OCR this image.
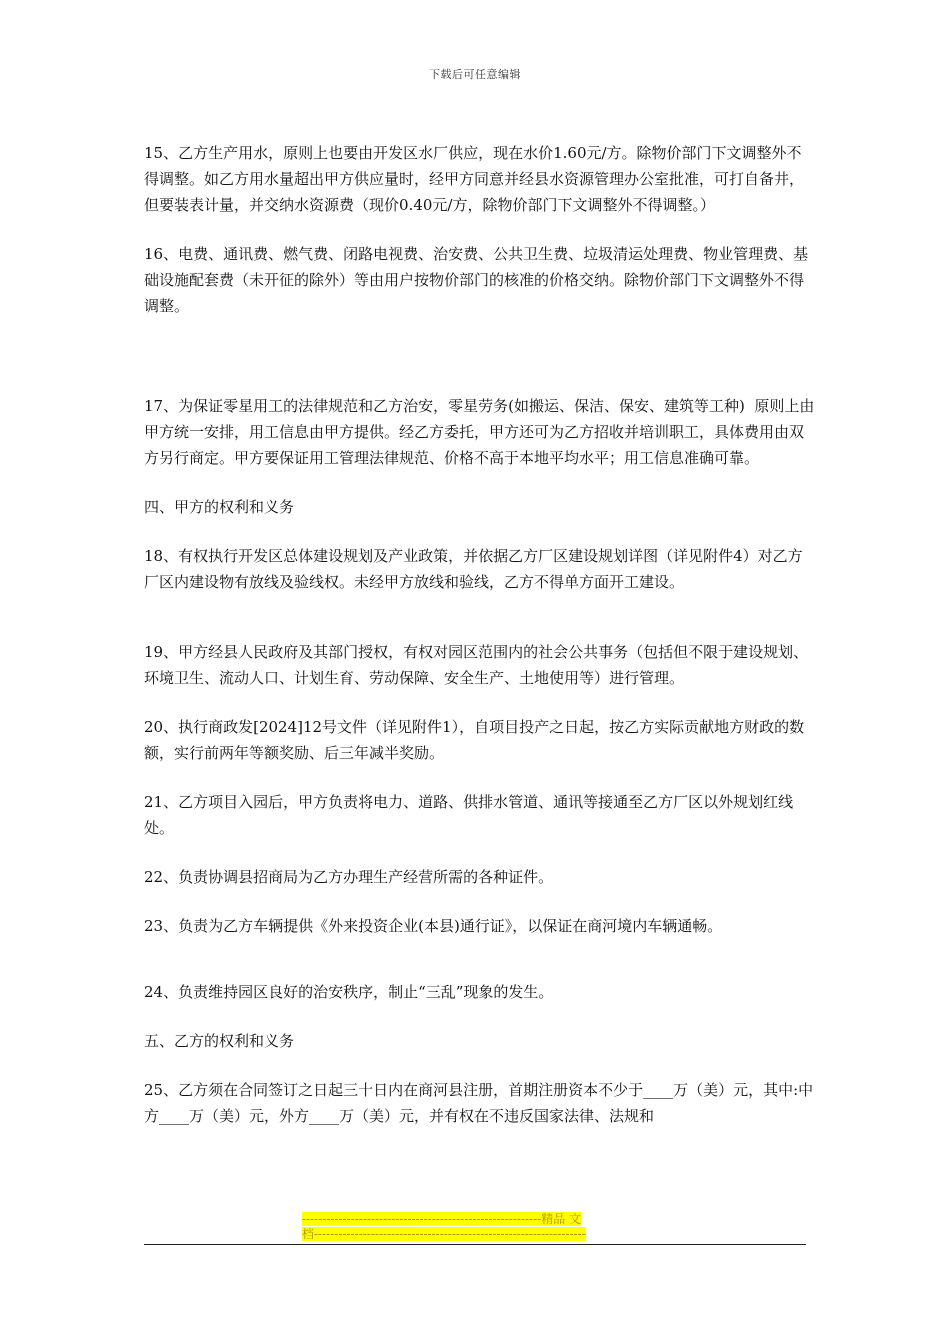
下载后可任意编辑

15、乙方生产用水，原则上也要由开发区水厂供应，现在水价1.60元/方。除物价部门下文调整外不得调整。如乙方用水量超出甲方供应量时，经甲方同意并经县水资源管理办公室批准，可打自备井，但要装表计量，并交纳水资源费（现价0.40元/方，除物价部门下文调整外不得调整。）

16、电费、通讯费、燃气费、闭路电视费、治安费、公共卫生费、垃圾清运处理费、物业管理费、基础设施配套费（未开征的除外）等由用户按物价部门的核准的价格交纳。除物价部门下文调整外不得调整。

17、为保证零星用工的法律规范和乙方治安，零星劳务(如搬运、保洁、保安、建筑等工种)  原则上由甲方统一安排，用工信息由甲方提供。经乙方委托，甲方还可为乙方招收并培训职工，具体费用由双方另行商定。甲方要保证用工管理法律规范、价格不高于本地平均水平；用工信息准确可靠。

四、甲方的权利和义务

18、有权执行开发区总体建设规划及产业政策，并依据乙方厂区建设规划详图（详见附件4）对乙方厂区内建设物有放线及验线权。未经甲方放线和验线，乙方不得单方面开工建设。

19、甲方经县人民政府及其部门授权，有权对园区范围内的社会公共事务（包括但不限于建设规划、环境卫生、流动人口、计划生育、劳动保障、安全生产、土地使用等）进行管理。

20、执行商政发[2024]12号文件（详见附件1），自项目投产之日起，按乙方实际贡献地方财政的数额，实行前两年等额奖励、后三年减半奖励。

21、乙方项目入园后，甲方负责将电力、道路、供排水管道、通讯等接通至乙方厂区以外规划红线处。

22、负责协调县招商局为乙方办理生产经营所需的各种证件。

23、负责为乙方车辆提供《外来投资企业(本县)通行证》，以保证在商河境内车辆通畅。

24、负责维持园区良好的治安秩序，制止“三乱”现象的发生。

五、乙方的权利和义务

25、乙方须在合同签订之日起三十日内在商河县注册，首期注册资本不少于____万（美）元，其中:中方____万（美）元，外方____万（美）元，并有权在不违反国家法律、法规和

-----------------------------------------------------------精品 文
档-------------------------------------------------------------------
